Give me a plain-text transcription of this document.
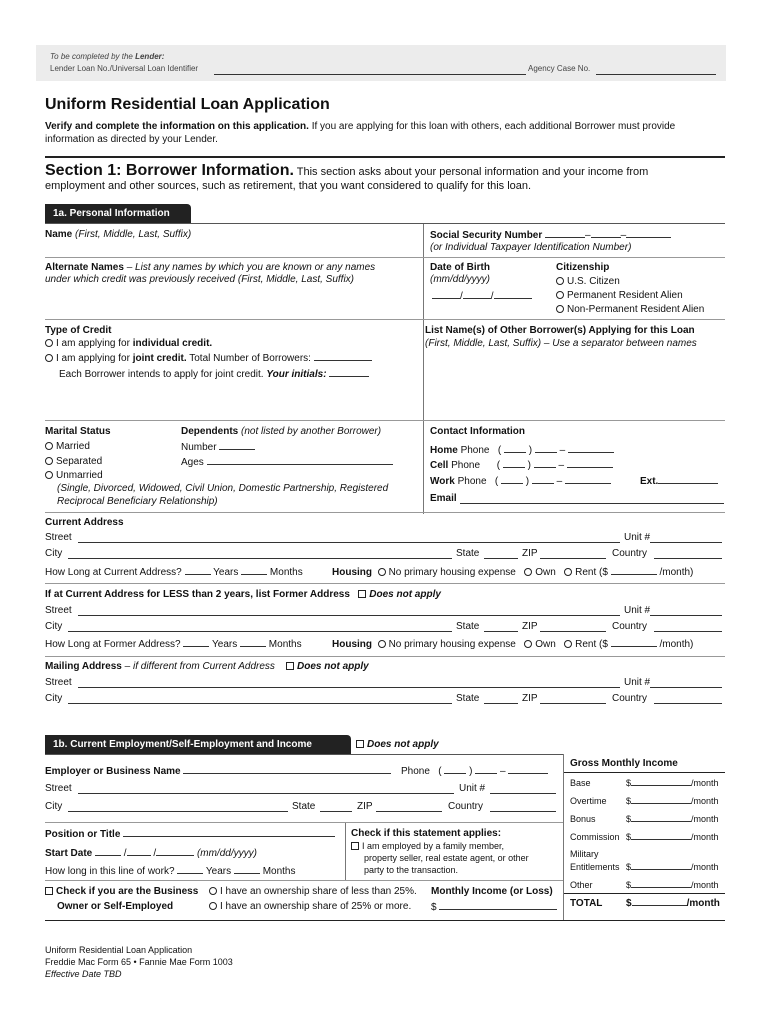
To be completed by the Lender:
Lender Loan No./Universal Loan Identifier	Agency Case No.
Uniform Residential Loan Application
Verify and complete the information on this application. If you are applying for this loan with others, each additional Borrower must provide
information as directed by your Lender.
Section 1: Borrower Information. This section asks about your personal information and your income from
employment and other sources, such as retirement, that you want considered to qualify for this loan.
1a. Personal Information
Name (First, Middle, Last, Suffix)	Social Security Number	–	–
(or Individual Taxpayer Identification Number)
Alternate Names – List any names by which you are known or any names
under which credit was previously received (First, Middle, Last, Suffix)
Date of Birth
(mm/dd/yyyy)
/	/
Citizenship
U.S. Citizen
Permanent Resident Alien
Non-Permanent Resident Alien
Type of Credit
I am applying for individual credit.
I am applying for joint credit. Total Number of Borrowers:
Each Borrower intends to apply for joint credit. Your initials:
List Name(s) of Other Borrower(s) Applying for this Loan
(First, Middle, Last, Suffix) – Use a separator between names
Marital Status
Married
Separated
Unmarried
(Single, Divorced, Widowed, Civil Union, Domestic Partnership, Registered
Reciprocal Beneficiary Relationship)
Dependents (not listed by another Borrower)
Number
Ages
Contact Information
Home Phone (  )  –
Cell Phone (  )  –
Work Phone (  )  –	Ext.
Email
Current Address
Street	Unit #
City	State	ZIP	Country
How Long at Current Address?	Years	Months	Housing No primary housing expense Own Rent ($	/month)
If at Current Address for LESS than 2 years, list Former Address Does not apply
Street	Unit #
City	State	ZIP	Country
How Long at Former Address?	Years	Months	Housing No primary housing expense Own Rent ($	/month)
Mailing Address – if different from Current Address Does not apply
Street	Unit #
City	State	ZIP	Country
1b. Current Employment/Self-Employment and Income	Does not apply
Employer or Business Name	Phone   (  )  –
Street	Unit #
City	State	ZIP	Country
Position or Title
Start Date	/ /	(mm/dd/yyyy)
How long in this line of work?	Years	Months
Check if this statement applies:
I am employed by a family member,
property seller, real estate agent, or other
party to the transaction.
Check if you are the Business
Owner or Self-Employed
I have an ownership share of less than 25%.
I have an ownership share of 25% or more.
Monthly Income (or Loss)
$
Gross Monthly Income
Base	$	/month
Overtime $	/month
Bonus	$	/month
Commission $	/month
Military
Entitlements $	/month
Other	$	/month
TOTAL $	/month
Uniform Residential Loan Application
Freddie Mac Form 65 • Fannie Mae Form 1003
Effective Date TBD
